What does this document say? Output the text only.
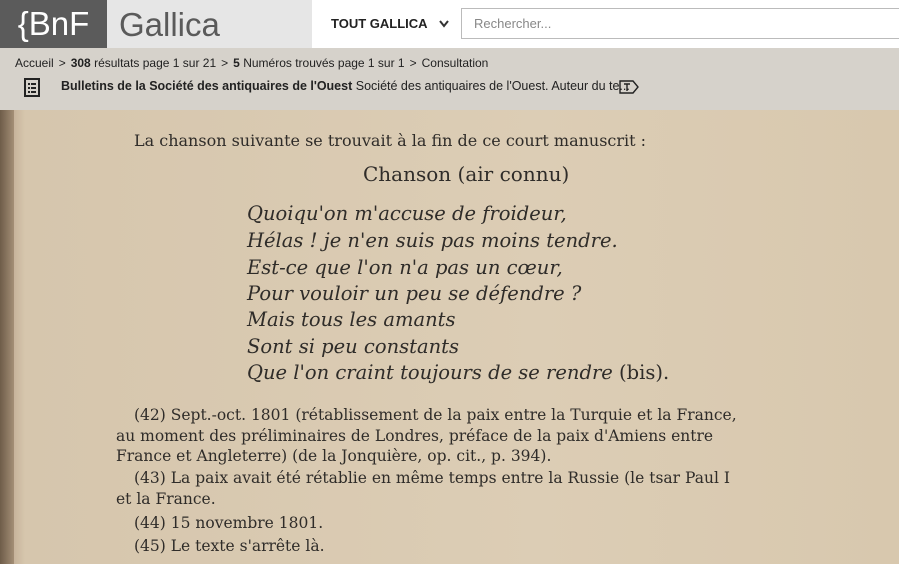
{BnF Gallica	TOUT GALLICA	Rechercher...
Accueil > 308 résultats page 1 sur 21 > 5 Numéros trouvés page 1 sur 1 > Consultation
Bulletins de la Société des antiquaires de l'Ouest Société des antiquaires de l'Ouest. Auteur du te...
La chanson suivante se trouvait à la fin de ce court manuscrit :
Chanson (air connu)
Quoiqu'on m'accuse de froideur,
Hélas ! je n'en suis pas moins tendre.
Est-ce que l'on n'a pas un cœur,
Pour vouloir un peu se défendre ?
Mais tous les amants
Sont si peu constants
Que l'on craint toujours de se rendre (bis).
(42) Sept.-oct. 1801 (rétablissement de la paix entre la Turquie et la France,
au moment des préliminaires de Londres, préface de la paix d'Amiens entre
France et Angleterre) (de la Jonquière, op. cit., p. 394).
(43) La paix avait été rétablie en même temps entre la Russie (le tsar Paul I
et la France.
(44) 15 novembre 1801.
(45) Le texte s'arrête là.
